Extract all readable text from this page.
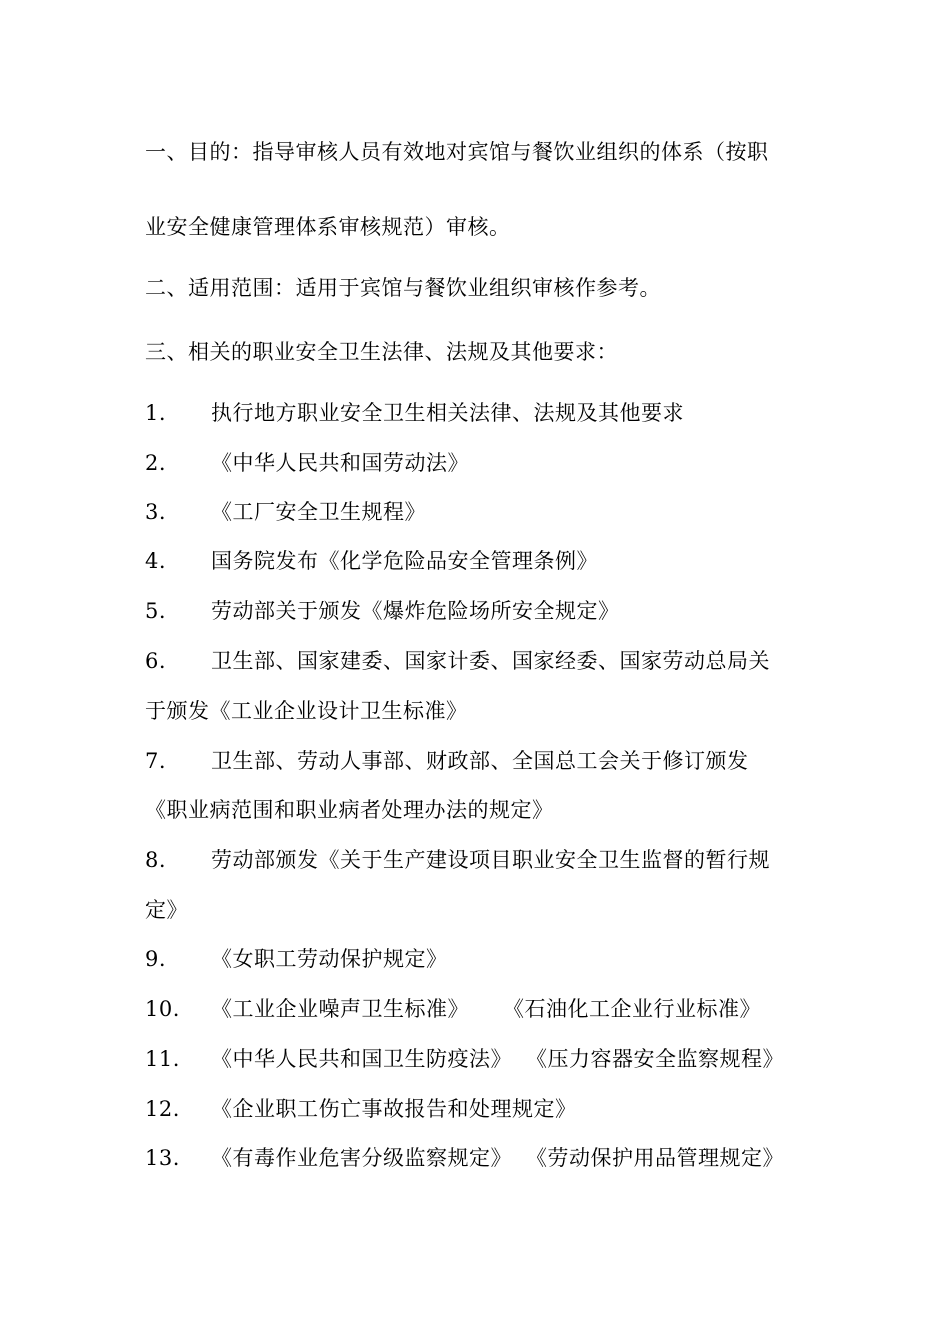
一、目的：指导审核人员有效地对宾馆与餐饮业组织的体系（按职
业安全健康管理体系审核规范）审核。
二、适用范围：适用于宾馆与餐饮业组织审核作参考。
三、相关的职业安全卫生法律、法规及其他要求：
1. 执行地方职业安全卫生相关法律、法规及其他要求
2. 《中华人民共和国劳动法》
3. 《工厂安全卫生规程》
4. 国务院发布《化学危险品安全管理条例》
5. 劳动部关于颁发《爆炸危险场所安全规定》
6. 卫生部、国家建委、国家计委、国家经委、国家劳动总局关
于颁发《工业企业设计卫生标准》
7. 卫生部、劳动人事部、财政部、全国总工会关于修订颁发
《职业病范围和职业病者处理办法的规定》
8. 劳动部颁发《关于生产建设项目职业安全卫生监督的暂行规
定》
9. 《女职工劳动保护规定》
10. 《工业企业噪声卫生标准》 《石油化工企业行业标准》
11. 《中华人民共和国卫生防疫法》 《压力容器安全监察规程》
12. 《企业职工伤亡事故报告和处理规定》
13. 《有毒作业危害分级监察规定》 《劳动保护用品管理规定》
